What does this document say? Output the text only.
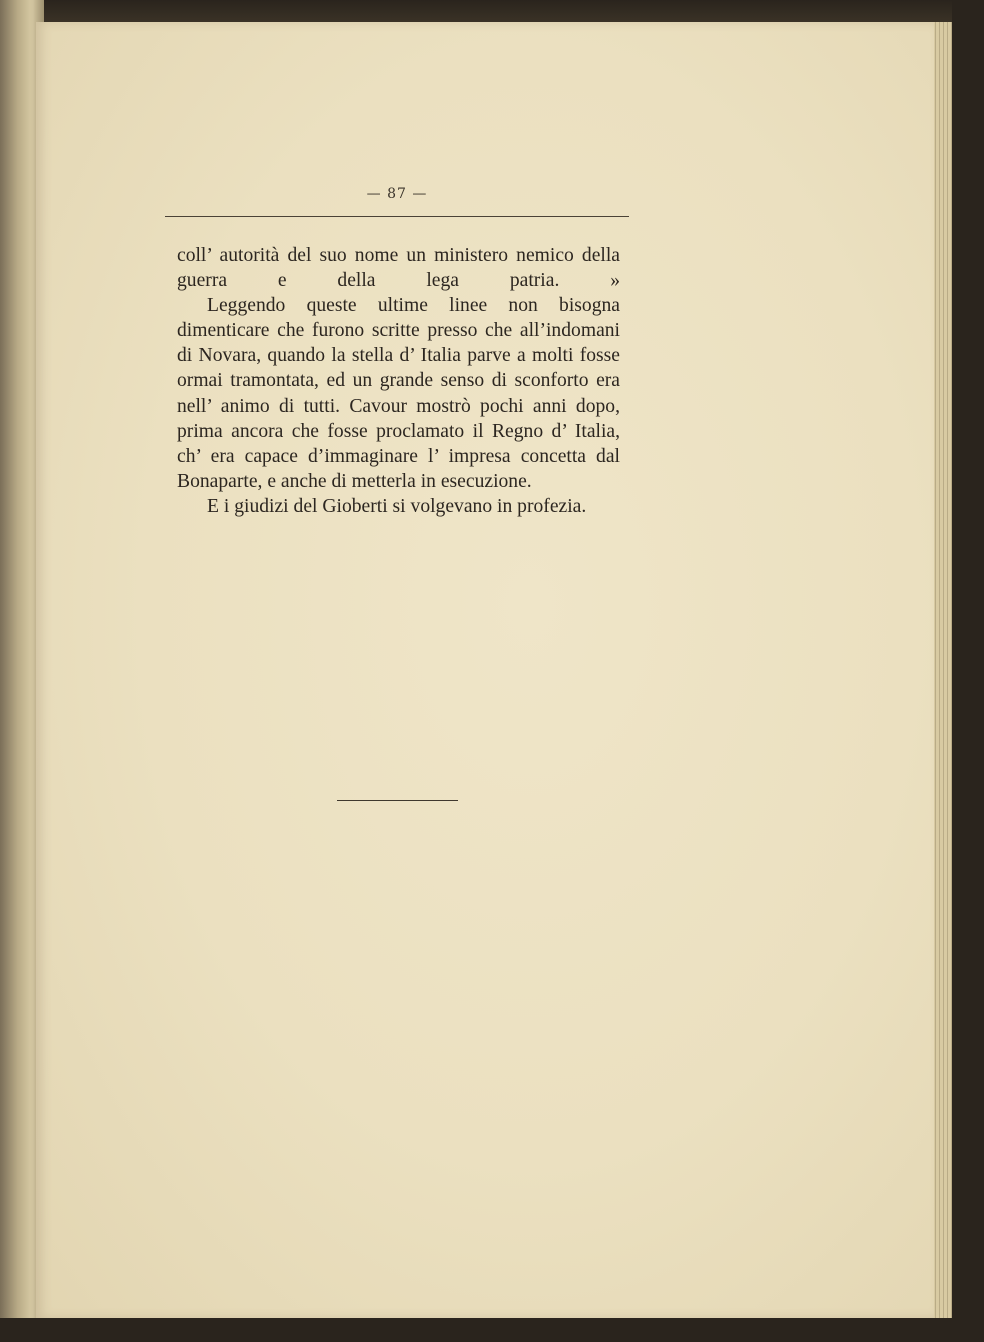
— 87 —

coll’ autorità del suo nome un ministero nemico della guerra e della lega patria. »

Leggendo queste ultime linee non bisogna dimenticare che furono scritte presso che all’indomani di Novara, quando la stella d’ Italia parve a molti fosse ormai tramontata, ed un grande senso di sconforto era nell’ animo di tutti. Cavour mostrò pochi anni dopo, prima ancora che fosse proclamato il Regno d’ Italia, ch’ era capace d’immaginare l’ impresa concetta dal Bonaparte, e anche di metterla in esecuzione.

E i giudizi del Gioberti si volgevano in profezia.
